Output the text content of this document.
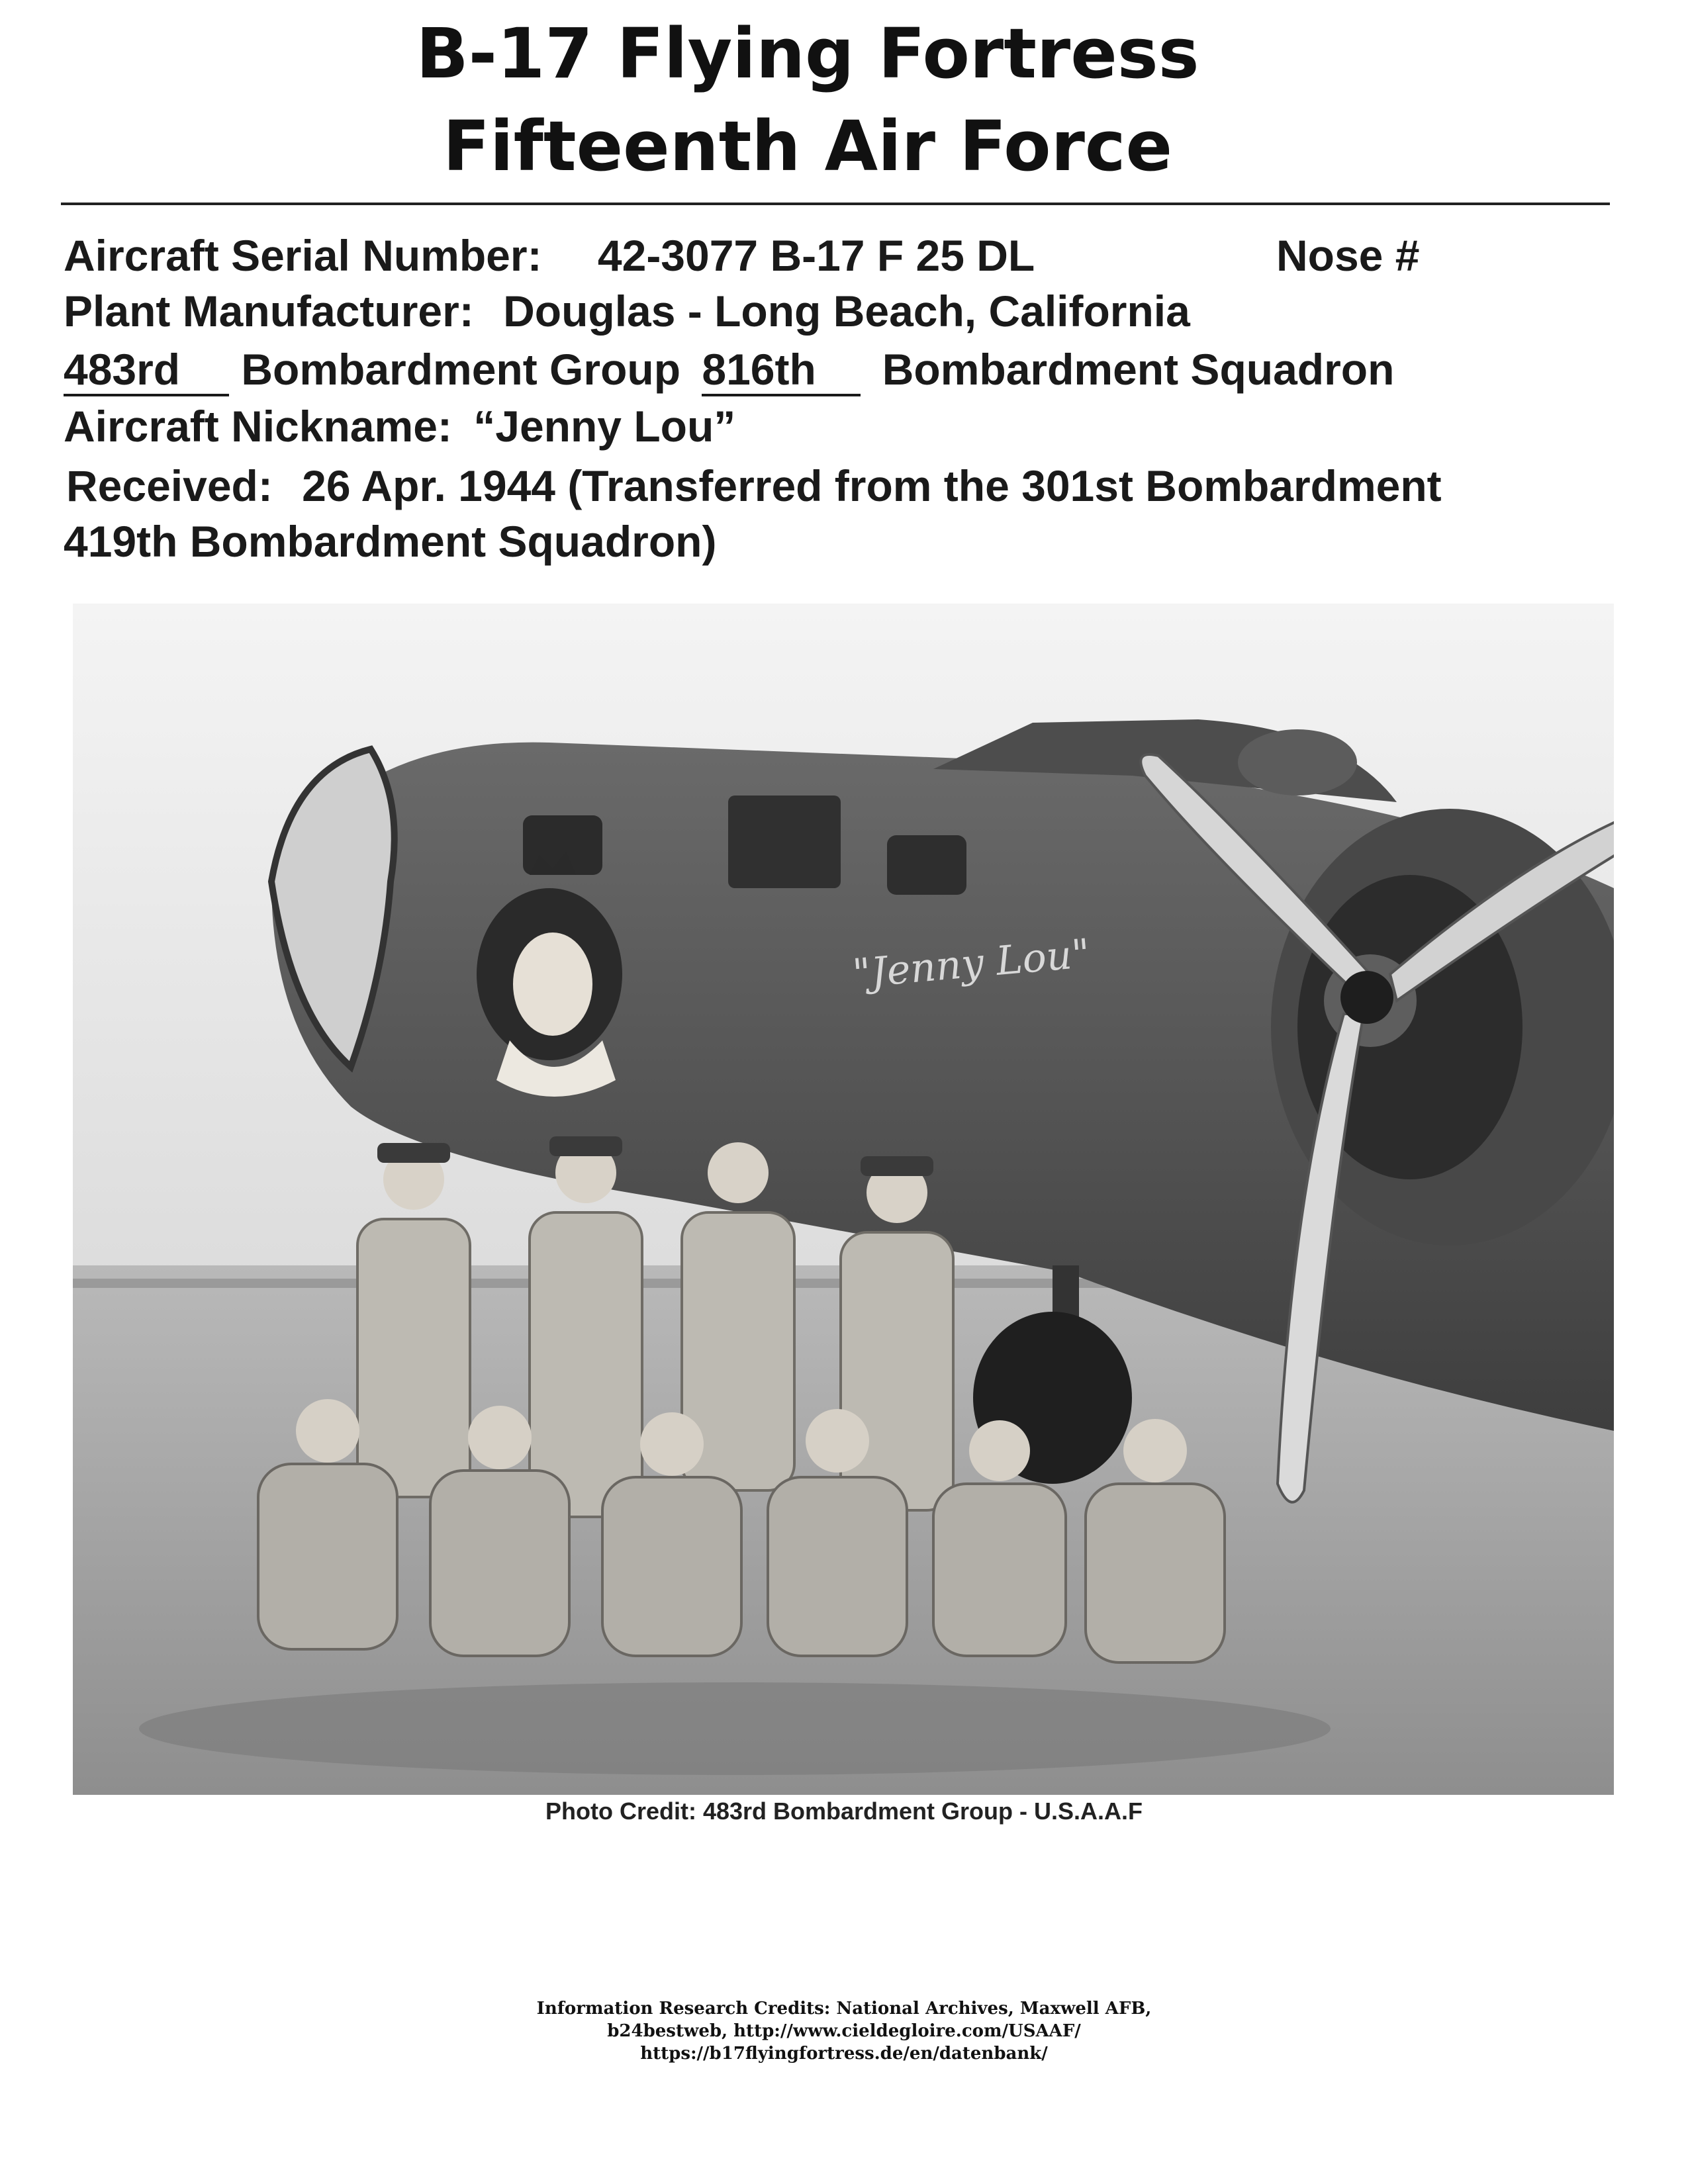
B-17 Flying Fortress
Fifteenth Air Force
Aircraft Serial Number: 42-3077 B-17 F 25 DL	Nose #
Plant Manufacturer: Douglas - Long Beach, California
483rd Bombardment Group 816th Bombardment Squadron
Aircraft Nickname: “Jenny Lou”
Received: 26 Apr. 1944 (Transferred from the 301st Bombardment
419th Bombardment Squadron)
"Jenny Lou"
Photo Credit: 483rd Bombardment Group - U.S.A.A.F
Information Research Credits: National Archives, Maxwell AFB,
b24bestweb, http://www.cieldegloire.com/USAAF/
https://b17flyingfortress.de/en/datenbank/
